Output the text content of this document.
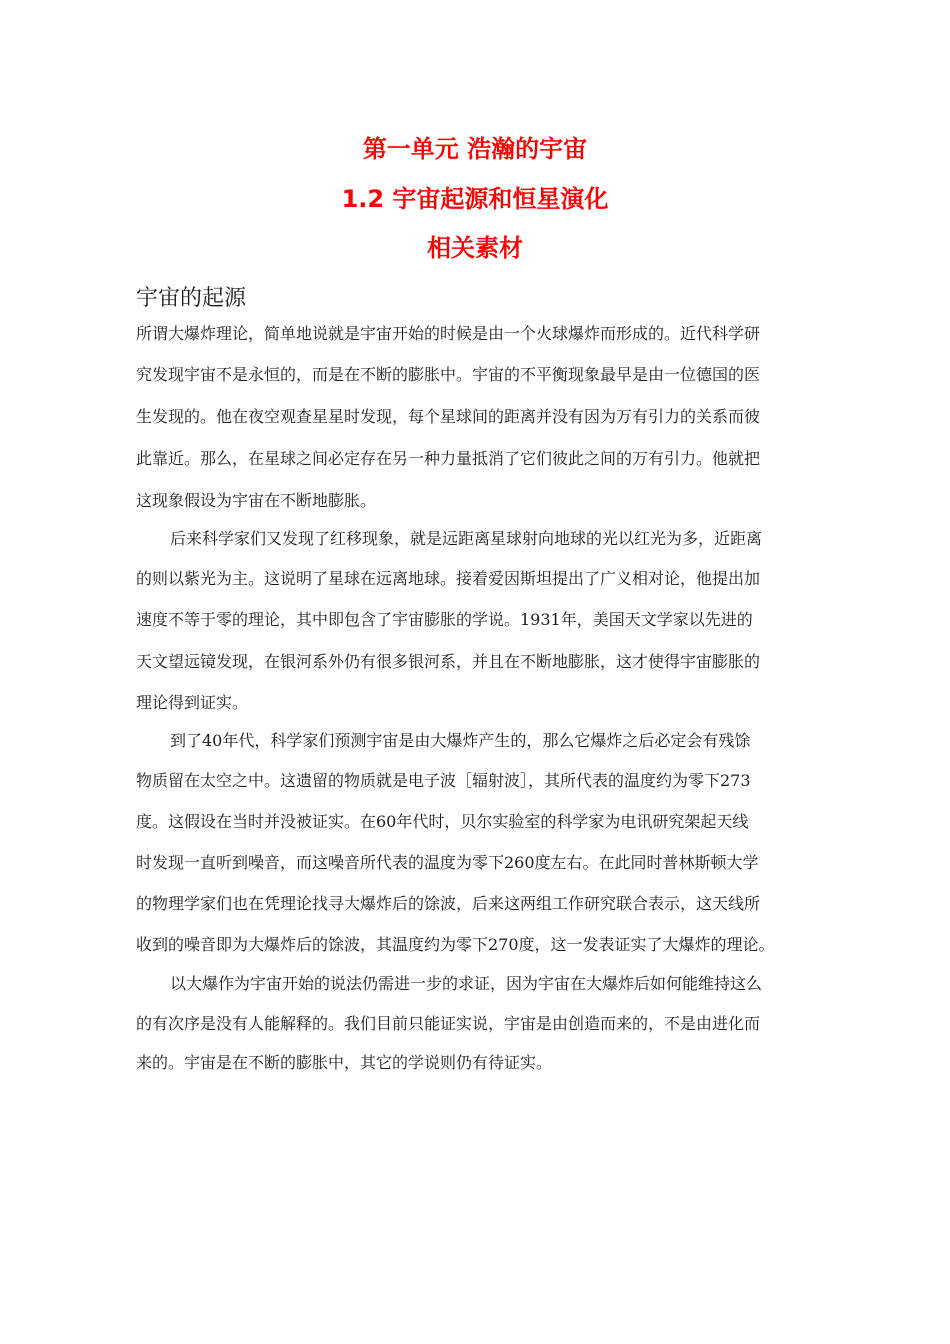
第一单元 浩瀚的宇宙
1.2 宇宙起源和恒星演化
相关素材
宇宙的起源
所谓大爆炸理论，简单地说就是宇宙开始的时候是由一个火球爆炸而形成的。近代科学研
究发现宇宙不是永恒的，而是在不断的膨胀中。宇宙的不平衡现象最早是由一位德国的医
生发现的。他在夜空观查星星时发现，每个星球间的距离并没有因为万有引力的关系而彼
此靠近。那么，在星球之间必定存在另一种力量抵消了它们彼此之间的万有引力。他就把
这现象假设为宇宙在不断地膨胀。
后来科学家们又发现了红移现象，就是远距离星球射向地球的光以红光为多，近距离
的则以紫光为主。这说明了星球在远离地球。接着爱因斯坦提出了广义相对论，他提出加
速度不等于零的理论，其中即包含了宇宙膨胀的学说。1931年，美国天文学家以先进的
天文望远镜发现，在银河系外仍有很多银河系，并且在不断地膨胀，这才使得宇宙膨胀的
理论得到证实。
到了40年代，科学家们预测宇宙是由大爆炸产生的，那么它爆炸之后必定会有残馀
物质留在太空之中。这遗留的物质就是电子波［辐射波］，其所代表的温度约为零下273
度。这假设在当时并没被证实。在60年代时，贝尔实验室的科学家为电讯研究架起天线
时发现一直听到噪音，而这噪音所代表的温度为零下260度左右。在此同时普林斯顿大学
的物理学家们也在凭理论找寻大爆炸后的馀波，后来这两组工作研究联合表示，这天线所
收到的噪音即为大爆炸后的馀波，其温度约为零下270度，这一发表证实了大爆炸的理论。
以大爆作为宇宙开始的说法仍需进一步的求证，因为宇宙在大爆炸后如何能维持这么
的有次序是没有人能解释的。我们目前只能证实说，宇宙是由创造而来的，不是由进化而
来的。宇宙是在不断的膨胀中，其它的学说则仍有待证实。
